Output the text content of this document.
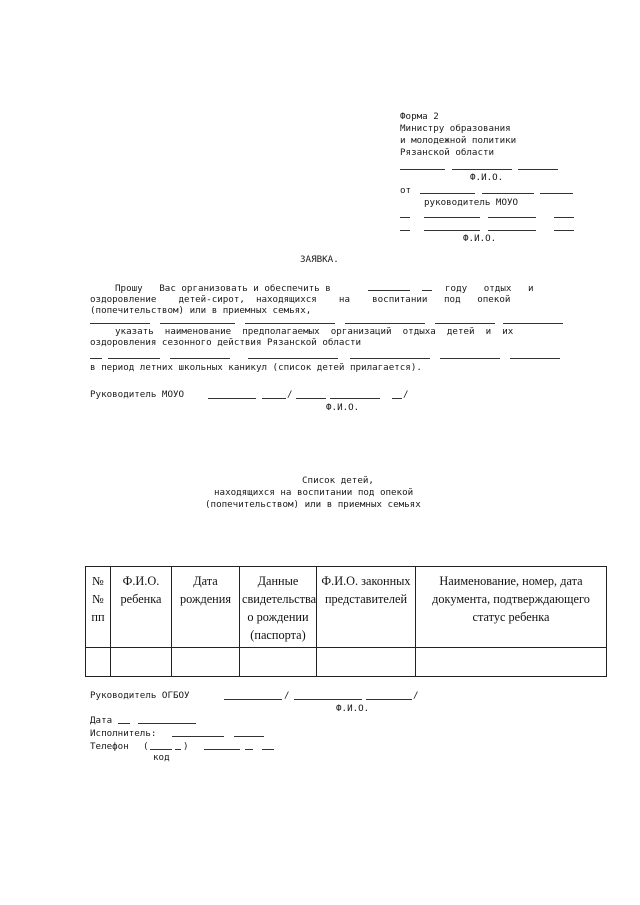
Форма 2
Министру образования
и молодежной политики
Рязанской области
Ф.И.О.
от
руководитель МОУО
Ф.И.О.
ЗАЯВКА.
Прошу   Вас организовать и обеспечить в	году   отдых   и
оздоровление    детей-сирот,  находящихся    на    воспитании   под   опекой
(попечительством) или в приемных семьях,
указать  наименование  предполагаемых  организаций  отдыха  детей  и  их
оздоровления сезонного действия Рязанской области
в период летних школьных каникул (список детей прилагается).
Руководитель МОУО	/	/
Ф.И.О.
Список детей,
находящихся на воспитании под опекой
(попечительством) или в приемных семьях
№ № пп	Ф.И.О. ребенка	Дата рождения	Данные свидетельства о рождении (паспорта)	Ф.И.О. законных представителей	Наименование, номер, дата документа, подтверждающего статус ребенка

Руководитель ОГБОУ	/	/
Ф.И.О.
Дата
Исполнитель:
Телефон (	)
код
